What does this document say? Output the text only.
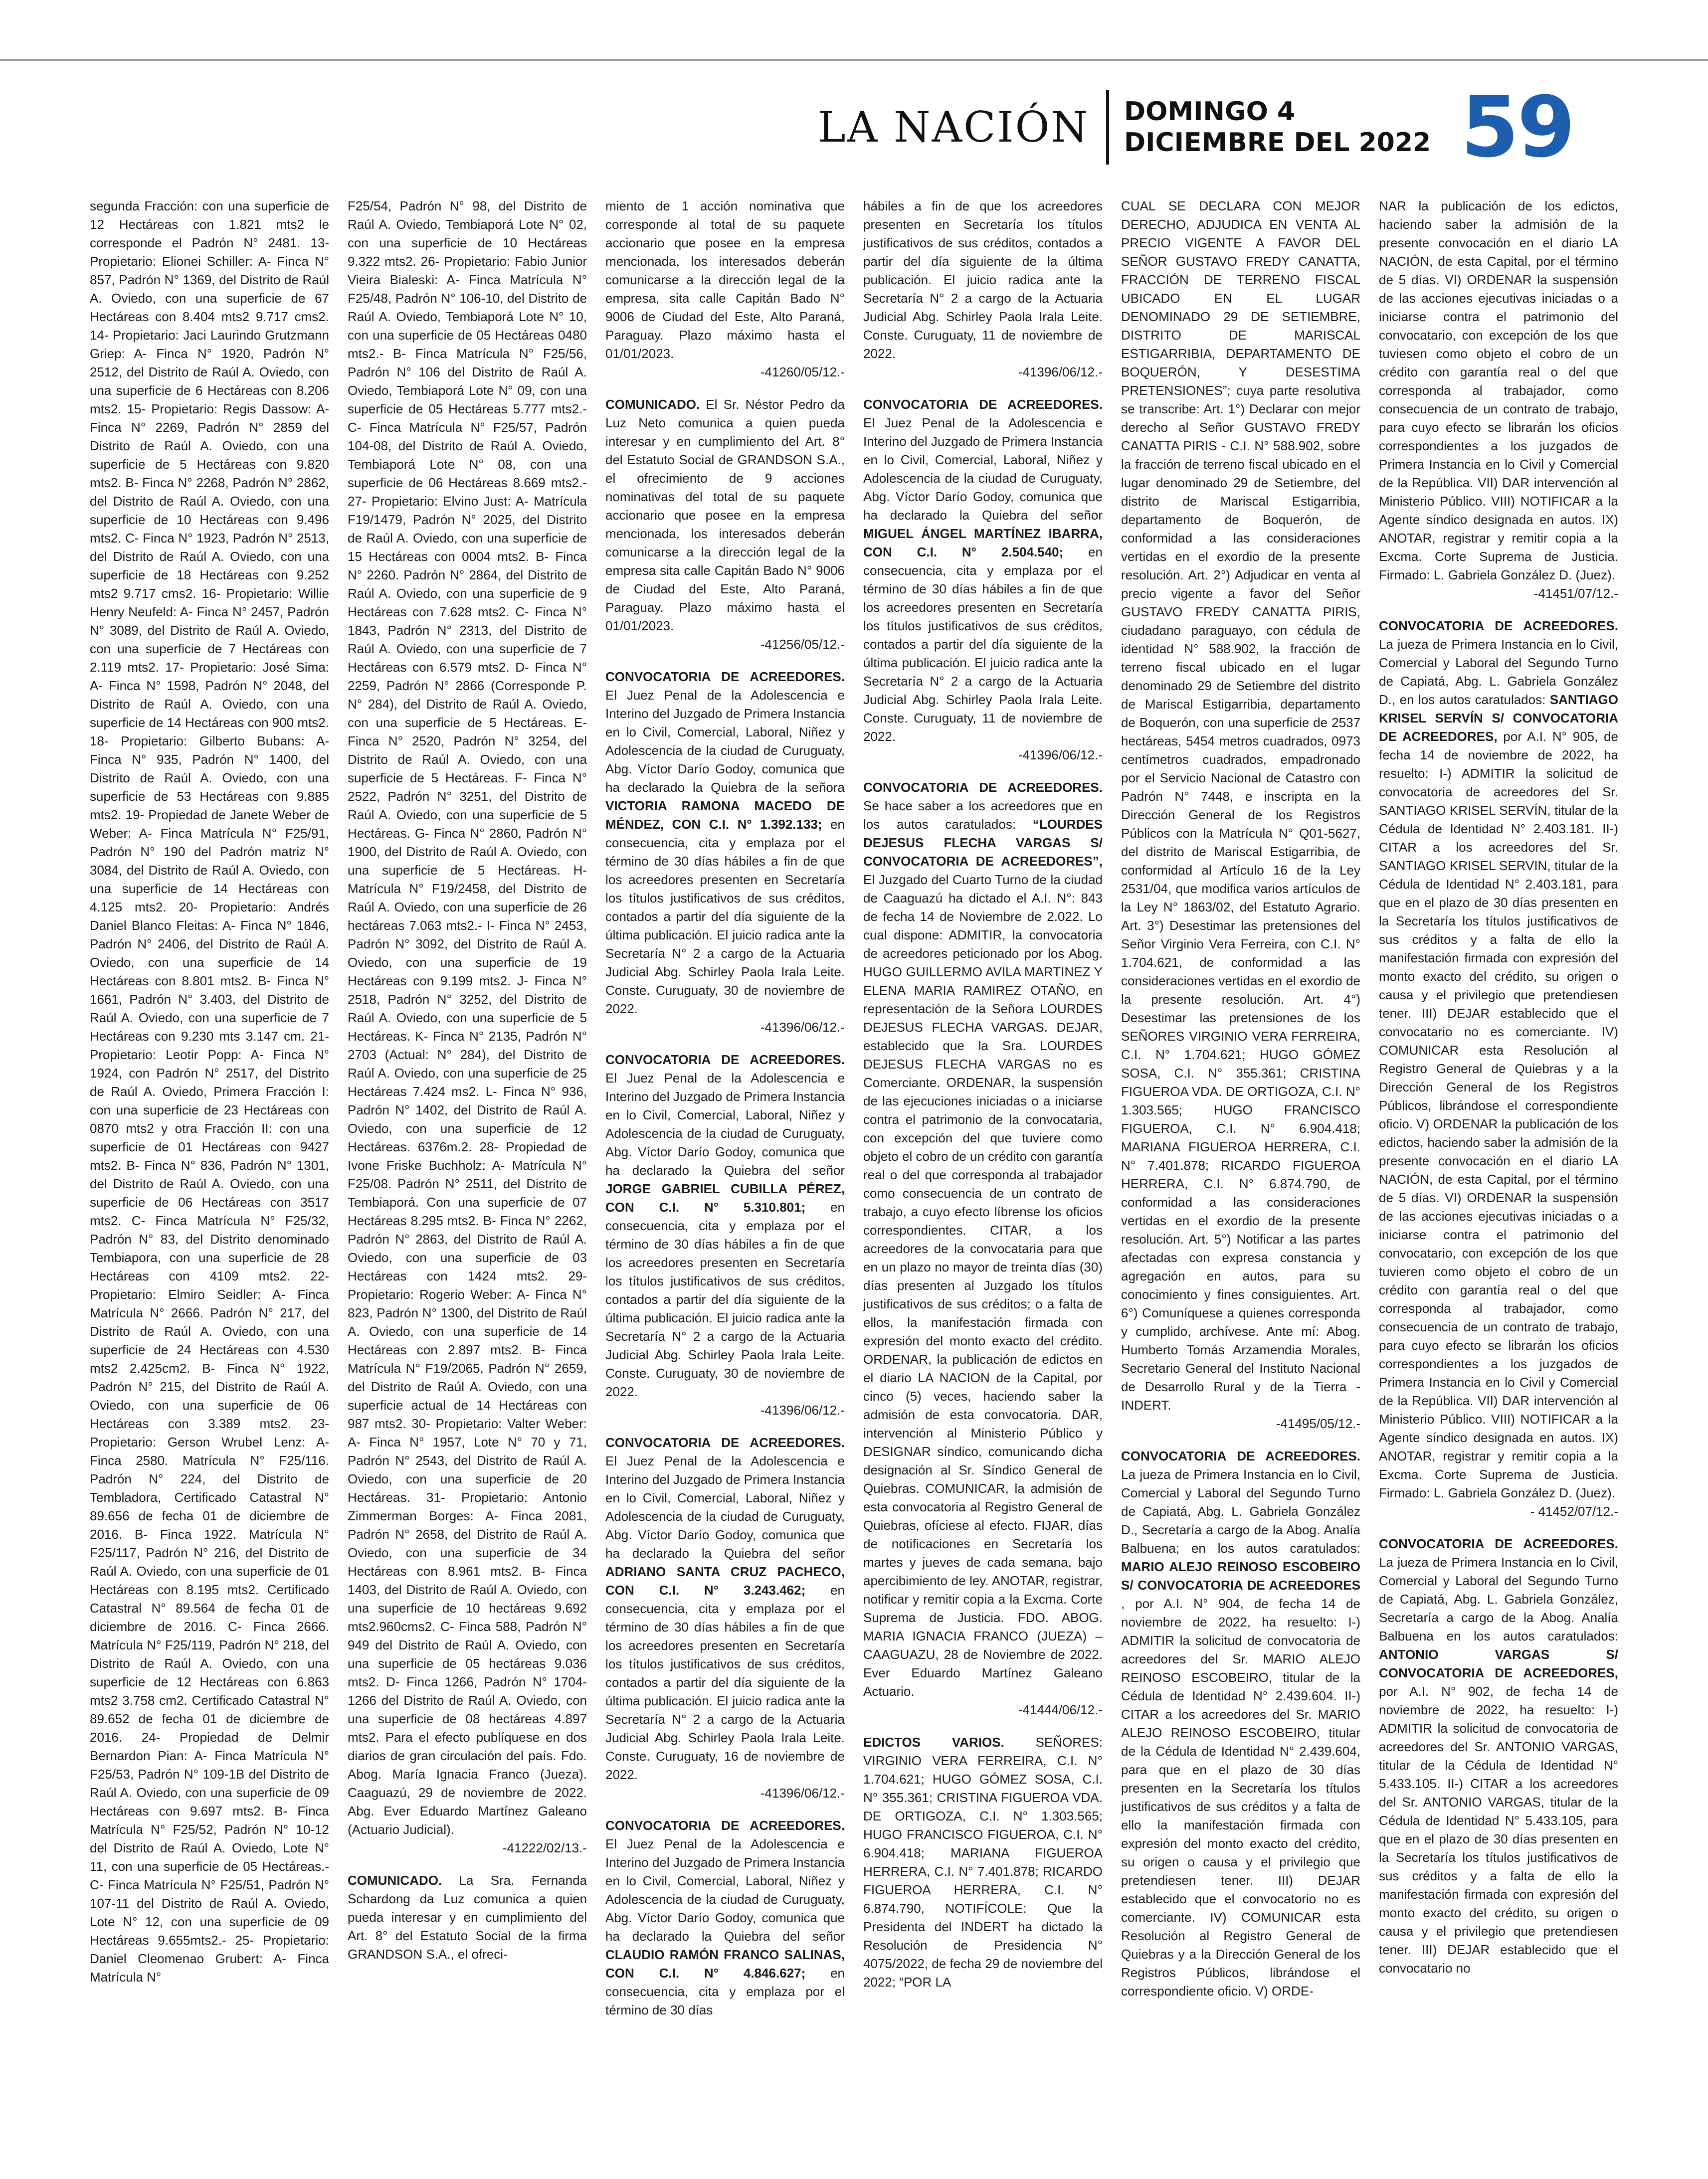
LA NACIÓN DOMINGO 4
DICIEMBRE DEL 2022 59

segunda Fracción: con una superficie de 12 Hectáreas con 1.821 mts2 le corresponde el Padrón N° 2481. 13- Propietario: Elionei Schiller: A- Finca N° 857, Padrón N° 1369, del Distrito de Raúl A. Oviedo, con una superficie de 67 Hectáreas con 8.404 mts2 9.717 cms2. 14- Propietario: Jaci Laurindo Grutzmann Griep: A- Finca N° 1920, Padrón N° 2512, del Distrito de Raúl A. Oviedo, con una superficie de 6 Hectáreas con 8.206 mts2. 15- Propietario: Regis Dassow: A- Finca N° 2269, Padrón N° 2859 del Distrito de Raúl A. Oviedo, con una superficie de 5 Hectáreas con 9.820 mts2. B- Finca N° 2268, Padrón N° 2862, del Distrito de Raúl A. Oviedo, con una superficie de 10 Hectáreas con 9.496 mts2. C- Finca N° 1923, Padrón N° 2513, del Distrito de Raúl A. Oviedo, con una superficie de 18 Hectáreas con 9.252 mts2 9.717 cms2. 16- Propietario: Willie Henry Neufeld: A- Finca N° 2457, Padrón N° 3089, del Distrito de Raúl A. Oviedo, con una superficie de 7 Hectáreas con 2.119 mts2. 17- Propietario: José Sima: A- Finca N° 1598, Padrón N° 2048, del Distrito de Raúl A. Oviedo, con una superficie de 14 Hectáreas con 900 mts2. 18- Propietario: Gilberto Bubans: A- Finca N° 935, Padrón N° 1400, del Distrito de Raúl A. Oviedo, con una superficie de 53 Hectáreas con 9.885 mts2. 19- Propiedad de Janete Weber de Weber: A- Finca Matrícula N° F25/91, Padrón N° 190 del Padrón matriz N° 3084, del Distrito de Raúl A. Oviedo, con una superficie de 14 Hectáreas con 4.125 mts2. 20- Propietario: Andrés Daniel Blanco Fleitas: A- Finca N° 1846, Padrón N° 2406, del Distrito de Raúl A. Oviedo, con una superficie de 14 Hectáreas con 8.801 mts2. B- Finca N° 1661, Padrón N° 3.403, del Distrito de Raúl A. Oviedo, con una superficie de 7 Hectáreas con 9.230 mts 3.147 cm. 21- Propietario: Leotir Popp: A- Finca N° 1924, con Padrón N° 2517, del Distrito de Raúl A. Oviedo, Primera Fracción I: con una superficie de 23 Hectáreas con 0870 mts2 y otra Fracción II: con una superficie de 01 Hectáreas con 9427 mts2. B- Finca N° 836, Padrón N° 1301, del Distrito de Raúl A. Oviedo, con una superficie de 06 Hectáreas con 3517 mts2. C- Finca Matrícula N° F25/32, Padrón N° 83, del Distrito denominado Tembiapora, con una superficie de 28 Hectáreas con 4109 mts2. 22- Propietario: Elmiro Seidler: A- Finca Matrícula N° 2666. Padrón N° 217, del Distrito de Raúl A. Oviedo, con una superficie de 24 Hectáreas con 4.530 mts2 2.425cm2. B- Finca N° 1922, Padrón N° 215, del Distrito de Raúl A. Oviedo, con una superficie de 06 Hectáreas con 3.389 mts2. 23- Propietario: Gerson Wrubel Lenz: A- Finca 2580. Matrícula N° F25/116. Padrón N° 224, del Distrito de Tembladora, Certificado Catastral N° 89.656 de fecha 01 de diciembre de 2016. B- Finca 1922. Matrícula N° F25/117, Padrón N° 216, del Distrito de Raúl A. Oviedo, con una superficie de 01 Hectáreas con 8.195 mts2. Certificado Catastral N° 89.564 de fecha 01 de diciembre de 2016. C- Finca 2666. Matrícula N° F25/119, Padrón N° 218, del Distrito de Raúl A. Oviedo, con una superficie de 12 Hectáreas con 6.863 mts2 3.758 cm2. Certificado Catastral N° 89.652 de fecha 01 de diciembre de 2016. 24- Propiedad de Delmir Bernardon Pian: A- Finca Matrícula N° F25/53, Padrón N° 109-1B del Distrito de Raúl A. Oviedo, con una superficie de 09 Hectáreas con 9.697 mts2. B- Finca Matrícula N° F25/52, Padrón N° 10-12 del Distrito de Raúl A. Oviedo, Lote N° 11, con una superficie de 05 Hectáreas.- C- Finca Matrícula N° F25/51, Padrón N° 107-11 del Distrito de Raúl A. Oviedo, Lote N° 12, con una superficie de 09 Hectáreas 9.655mts2.- 25- Propietario: Daniel Cleomenao Grubert: A- Finca Matrícula N°

F25/54, Padrón N° 98, del Distrito de Raúl A. Oviedo, Tembiaporá Lote N° 02, con una superficie de 10 Hectáreas 9.322 mts2. 26- Propietario: Fabio Junior Vieira Bialeski: A- Finca Matrícula N° F25/48, Padrón N° 106-10, del Distrito de Raúl A. Oviedo, Tembiaporá Lote N° 10, con una superficie de 05 Hectáreas 0480 mts2.- B- Finca Matrícula N° F25/56, Padrón N° 106 del Distrito de Raúl A. Oviedo, Tembiaporá Lote N° 09, con una superficie de 05 Hectáreas 5.777 mts2.- C- Finca Matrícula N° F25/57, Padrón 104-08, del Distrito de Raúl A. Oviedo, Tembiaporá Lote N° 08, con una superficie de 06 Hectáreas 8.669 mts2.- 27- Propietario: Elvino Just: A- Matrícula F19/1479, Padrón N° 2025, del Distrito de Raúl A. Oviedo, con una superficie de 15 Hectáreas con 0004 mts2. B- Finca N° 2260. Padrón N° 2864, del Distrito de Raúl A. Oviedo, con una superficie de 9 Hectáreas con 7.628 mts2. C- Finca N° 1843, Padrón N° 2313, del Distrito de Raúl A. Oviedo, con una superficie de 7 Hectáreas con 6.579 mts2. D- Finca N° 2259, Padrón N° 2866 (Corresponde P. N° 284), del Distrito de Raúl A. Oviedo, con una superficie de 5 Hectáreas. E- Finca N° 2520, Padrón N° 3254, del Distrito de Raúl A. Oviedo, con una superficie de 5 Hectáreas. F- Finca N° 2522, Padrón N° 3251, del Distrito de Raúl A. Oviedo, con una superficie de 5 Hectáreas. G- Finca N° 2860, Padrón N° 1900, del Distrito de Raúl A. Oviedo, con una superficie de 5 Hectáreas. H- Matrícula N° F19/2458, del Distrito de Raúl A. Oviedo, con una superficie de 26 hectáreas 7.063 mts2.- I- Finca N° 2453, Padrón N° 3092, del Distrito de Raúl A. Oviedo, con una superficie de 19 Hectáreas con 9.199 mts2. J- Finca N° 2518, Padrón N° 3252, del Distrito de Raúl A. Oviedo, con una superficie de 5 Hectáreas. K- Finca N° 2135, Padrón N° 2703 (Actual: N° 284), del Distrito de Raúl A. Oviedo, con una superficie de 25 Hectáreas 7.424 ms2. L- Finca N° 936, Padrón N° 1402, del Distrito de Raúl A. Oviedo, con una superficie de 12 Hectáreas. 6376m.2. 28- Propiedad de Ivone Friske Buchholz: A- Matrícula N° F25/08. Padrón N° 2511, del Distrito de Tembiaporá. Con una superficie de 07 Hectáreas 8.295 mts2. B- Finca N° 2262, Padrón N° 2863, del Distrito de Raúl A. Oviedo, con una superficie de 03 Hectáreas con 1424 mts2. 29- Propietario: Rogerio Weber: A- Finca N° 823, Padrón N° 1300, del Distrito de Raúl A. Oviedo, con una superficie de 14 Hectáreas con 2.897 mts2. B- Finca Matrícula N° F19/2065, Padrón N° 2659, del Distrito de Raúl A. Oviedo, con una superficie actual de 14 Hectáreas con 987 mts2. 30- Propietario: Valter Weber: A- Finca N° 1957, Lote N° 70 y 71, Padrón N° 2543, del Distrito de Raúl A. Oviedo, con una superficie de 20 Hectáreas. 31- Propietario: Antonio Zimmerman Borges: A- Finca 2081, Padrón N° 2658, del Distrito de Raúl A. Oviedo, con una superficie de 34 Hectáreas con 8.961 mts2. B- Finca 1403, del Distrito de Raúl A. Oviedo, con una superficie de 10 hectáreas 9.692 mts2.960cms2. C- Finca 588, Padrón N° 949 del Distrito de Raúl A. Oviedo, con una superficie de 05 hectáreas 9.036 mts2. D- Finca 1266, Padrón N° 1704-1266 del Distrito de Raúl A. Oviedo, con una superficie de 08 hectáreas 4.897 mts2. Para el efecto publíquese en dos diarios de gran circulación del país. Fdo. Abog. María Ignacia Franco (Jueza). Caaguazú, 29 de noviembre de 2022. Abg. Ever Eduardo Martínez Galeano (Actuario Judicial).
-41222/02/13.-

COMUNICADO. La Sra. Fernanda Schardong da Luz comunica a quien pueda interesar y en cumplimiento del Art. 8° del Estatuto Social de la firma GRANDSON S.A., el ofreci-

miento de 1 acción nominativa que corresponde al total de su paquete accionario que posee en la empresa mencionada, los interesados deberán comunicarse a la dirección legal de la empresa, sita calle Capitán Bado N° 9006 de Ciudad del Este, Alto Paraná, Paraguay. Plazo máximo hasta el 01/01/2023.
-41260/05/12.-

COMUNICADO. El Sr. Néstor Pedro da Luz Neto comunica a quien pueda interesar y en cumplimiento del Art. 8° del Estatuto Social de GRANDSON S.A., el ofrecimiento de 9 acciones nominativas del total de su paquete accionario que posee en la empresa mencionada, los interesados deberán comunicarse a la dirección legal de la empresa sita calle Capitán Bado N° 9006 de Ciudad del Este, Alto Paraná, Paraguay. Plazo máximo hasta el 01/01/2023.
-41256/05/12.-

CONVOCATORIA DE ACREEDORES. El Juez Penal de la Adolescencia e Interino del Juzgado de Primera Instancia en lo Civil, Comercial, Laboral, Niñez y Adolescencia de la ciudad de Curuguaty, Abg. Víctor Darío Godoy, comunica que ha declarado la Quiebra de la señora VICTORIA RAMONA MACEDO DE MÉNDEZ, CON C.I. N° 1.392.133; en consecuencia, cita y emplaza por el término de 30 días hábiles a fin de que los acreedores presenten en Secretaría los títulos justificativos de sus créditos, contados a partir del día siguiente de la última publicación. El juicio radica ante la Secretaría N° 2 a cargo de la Actuaria Judicial Abg. Schirley Paola Irala Leite. Conste. Curuguaty, 30 de noviembre de 2022.
-41396/06/12.-

CONVOCATORIA DE ACREEDORES. El Juez Penal de la Adolescencia e Interino del Juzgado de Primera Instancia en lo Civil, Comercial, Laboral, Niñez y Adolescencia de la ciudad de Curuguaty, Abg. Víctor Darío Godoy, comunica que ha declarado la Quiebra del señor JORGE GABRIEL CUBILLA PÉREZ, CON C.I. N° 5.310.801; en consecuencia, cita y emplaza por el término de 30 días hábiles a fin de que los acreedores presenten en Secretaría los títulos justificativos de sus créditos, contados a partir del día siguiente de la última publicación. El juicio radica ante la Secretaría N° 2 a cargo de la Actuaria Judicial Abg. Schirley Paola Irala Leite. Conste. Curuguaty, 30 de noviembre de 2022.
-41396/06/12.-

CONVOCATORIA DE ACREEDORES. El Juez Penal de la Adolescencia e Interino del Juzgado de Primera Instancia en lo Civil, Comercial, Laboral, Niñez y Adolescencia de la ciudad de Curuguaty, Abg. Víctor Darío Godoy, comunica que ha declarado la Quiebra del señor ADRIANO SANTA CRUZ PACHECO, CON C.I. N° 3.243.462; en consecuencia, cita y emplaza por el término de 30 días hábiles a fin de que los acreedores presenten en Secretaría los títulos justificativos de sus créditos, contados a partir del día siguiente de la última publicación. El juicio radica ante la Secretaría N° 2 a cargo de la Actuaria Judicial Abg. Schirley Paola Irala Leite. Conste. Curuguaty, 16 de noviembre de 2022.
-41396/06/12.-

CONVOCATORIA DE ACREEDORES. El Juez Penal de la Adolescencia e Interino del Juzgado de Primera Instancia en lo Civil, Comercial, Laboral, Niñez y Adolescencia de la ciudad de Curuguaty, Abg. Víctor Darío Godoy, comunica que ha declarado la Quiebra del señor CLAUDIO RAMÓN FRANCO SALINAS, CON C.I. N° 4.846.627; en consecuencia, cita y emplaza por el término de 30 días

hábiles a fin de que los acreedores presenten en Secretaría los títulos justificativos de sus créditos, contados a partir del día siguiente de la última publicación. El juicio radica ante la Secretaría N° 2 a cargo de la Actuaria Judicial Abg. Schirley Paola Irala Leite. Conste. Curuguaty, 11 de noviembre de 2022.
-41396/06/12.-

CONVOCATORIA DE ACREEDORES. El Juez Penal de la Adolescencia e Interino del Juzgado de Primera Instancia en lo Civil, Comercial, Laboral, Niñez y Adolescencia de la ciudad de Curuguaty, Abg. Víctor Darío Godoy, comunica que ha declarado la Quiebra del señor MIGUEL ÁNGEL MARTÍNEZ IBARRA, CON C.I. N° 2.504.540; en consecuencia, cita y emplaza por el término de 30 días hábiles a fin de que los acreedores presenten en Secretaría los títulos justificativos de sus créditos, contados a partir del día siguiente de la última publicación. El juicio radica ante la Secretaría N° 2 a cargo de la Actuaria Judicial Abg. Schirley Paola Irala Leite. Conste. Curuguaty, 11 de noviembre de 2022.
-41396/06/12.-

CONVOCATORIA DE ACREEDORES. Se hace saber a los acreedores que en los autos caratulados: “LOURDES DEJESUS FLECHA VARGAS S/ CONVOCATORIA DE ACREEDORES”, El Juzgado del Cuarto Turno de la ciudad de Caaguazú ha dictado el A.I. N°: 843 de fecha 14 de Noviembre de 2.022. Lo cual dispone: ADMITIR, la convocatoria de acreedores peticionado por los Abog. HUGO GUILLERMO AVILA MARTINEZ Y ELENA MARIA RAMIREZ OTAÑO, en representación de la Señora LOURDES DEJESUS FLECHA VARGAS. DEJAR, establecido que la Sra. LOURDES DEJESUS FLECHA VARGAS no es Comerciante. ORDENAR, la suspensión de las ejecuciones iniciadas o a iniciarse contra el patrimonio de la convocataria, con excepción del que tuviere como objeto el cobro de un crédito con garantía real o del que corresponda al trabajador como consecuencia de un contrato de trabajo, a cuyo efecto líbrense los oficios correspondientes. CITAR, a los acreedores de la convocataria para que en un plazo no mayor de treinta días (30) días presenten al Juzgado los títulos justificativos de sus créditos; o a falta de ellos, la manifestación firmada con expresión del monto exacto del crédito. ORDENAR, la publicación de edictos en el diario LA NACION de la Capital, por cinco (5) veces, haciendo saber la admisión de esta convocatoria. DAR, intervención al Ministerio Público y DESIGNAR síndico, comunicando dicha designación al Sr. Síndico General de Quiebras. COMUNICAR, la admisión de esta convocatoria al Registro General de Quiebras, ofíciese al efecto. FIJAR, días de notificaciones en Secretaría los martes y jueves de cada semana, bajo apercibimiento de ley. ANOTAR, registrar, notificar y remitir copia a la Excma. Corte Suprema de Justicia. FDO. ABOG. MARIA IGNACIA FRANCO (JUEZA) – CAAGUAZU, 28 de Noviembre de 2022. Ever Eduardo Martínez Galeano Actuario.
-41444/06/12.-

EDICTOS VARIOS. SEÑORES: VIRGINIO VERA FERREIRA, C.I. N° 1.704.621; HUGO GÓMEZ SOSA, C.I. N° 355.361; CRISTINA FIGUEROA VDA. DE ORTIGOZA, C.I. N° 1.303.565; HUGO FRANCISCO FIGUEROA, C.I. N° 6.904.418; MARIANA FIGUEROA HERRERA, C.I. N° 7.401.878; RICARDO FIGUEROA HERRERA, C.I. N° 6.874.790, NOTIFÍCOLE: Que la Presidenta del INDERT ha dictado la Resolución de Presidencia N° 4075/2022, de fecha 29 de noviembre del 2022; “POR LA

CUAL SE DECLARA CON MEJOR DERECHO, ADJUDICA EN VENTA AL PRECIO VIGENTE A FAVOR DEL SEÑOR GUSTAVO FREDY CANATTA, FRACCIÓN DE TERRENO FISCAL UBICADO EN EL LUGAR DENOMINADO 29 DE SETIEMBRE, DISTRITO DE MARISCAL ESTIGARRIBIA, DEPARTAMENTO DE BOQUERÓN, Y DESESTIMA PRETENSIONES”; cuya parte resolutiva se transcribe: Art. 1°) Declarar con mejor derecho al Señor GUSTAVO FREDY CANATTA PIRIS - C.I. N° 588.902, sobre la fracción de terreno fiscal ubicado en el lugar denominado 29 de Setiembre, del distrito de Mariscal Estigarribia, departamento de Boquerón, de conformidad a las consideraciones vertidas en el exordio de la presente resolución. Art. 2°) Adjudicar en venta al precio vigente a favor del Señor GUSTAVO FREDY CANATTA PIRIS, ciudadano paraguayo, con cédula de identidad N° 588.902, la fracción de terreno fiscal ubicado en el lugar denominado 29 de Setiembre del distrito de Mariscal Estigarribia, departamento de Boquerón, con una superficie de 2537 hectáreas, 5454 metros cuadrados, 0973 centímetros cuadrados, empadronado por el Servicio Nacional de Catastro con Padrón N° 7448, e inscripta en la Dirección General de los Registros Públicos con la Matrícula N° Q01-5627, del distrito de Mariscal Estigarribia, de conformidad al Artículo 16 de la Ley 2531/04, que modifica varios artículos de la Ley N° 1863/02, del Estatuto Agrario. Art. 3°) Desestimar las pretensiones del Señor Virginio Vera Ferreira, con C.I. N° 1.704.621, de conformidad a las consideraciones vertidas en el exordio de la presente resolución. Art. 4°) Desestimar las pretensiones de los SEÑORES VIRGINIO VERA FERREIRA, C.I. N° 1.704.621; HUGO GÓMEZ SOSA, C.I. N° 355.361; CRISTINA FIGUEROA VDA. DE ORTIGOZA, C.I. N° 1.303.565; HUGO FRANCISCO FIGUEROA, C.I. N° 6.904.418; MARIANA FIGUEROA HERRERA, C.I. N° 7.401.878; RICARDO FIGUEROA HERRERA, C.I. N° 6.874.790, de conformidad a las consideraciones vertidas en el exordio de la presente resolución. Art. 5°) Notificar a las partes afectadas con expresa constancia y agregación en autos, para su conocimiento y fines consiguientes. Art. 6°) Comuníquese a quienes corresponda y cumplido, archívese. Ante mí: Abog. Humberto Tomás Arzamendia Morales, Secretario General del Instituto Nacional de Desarrollo Rural y de la Tierra - INDERT.
-41495/05/12.-

CONVOCATORIA DE ACREEDORES. La jueza de Primera Instancia en lo Civil, Comercial y Laboral del Segundo Turno de Capiatá, Abg. L. Gabriela González D., Secretaría a cargo de la Abog. Analía Balbuena; en los autos caratulados: MARIO ALEJO REINOSO ESCOBEIRO S/ CONVOCATORIA DE ACREEDORES , por A.I. N° 904, de fecha 14 de noviembre de 2022, ha resuelto: I-) ADMITIR la solicitud de convocatoria de acreedores del Sr. MARIO ALEJO REINOSO ESCOBEIRO, titular de la Cédula de Identidad N° 2.439.604. II-) CITAR a los acreedores del Sr. MARIO ALEJO REINOSO ESCOBEIRO, titular de la Cédula de Identidad N° 2.439.604, para que en el plazo de 30 días presenten en la Secretaría los títulos justificativos de sus créditos y a falta de ello la manifestación firmada con expresión del monto exacto del crédito, su origen o causa y el privilegio que pretendiesen tener. III) DEJAR establecido que el convocatorio no es comerciante. IV) COMUNICAR esta Resolución al Registro General de Quiebras y a la Dirección General de los Registros Públicos, librándose el correspondiente oficio. V) ORDE-

NAR la publicación de los edictos, haciendo saber la admisión de la presente convocación en el diario LA NACIÓN, de esta Capital, por el término de 5 días. VI) ORDENAR la suspensión de las acciones ejecutivas iniciadas o a iniciarse contra el patrimonio del convocatario, con excepción de los que tuviesen como objeto el cobro de un crédito con garantía real o del que corresponda al trabajador, como consecuencia de un contrato de trabajo, para cuyo efecto se librarán los oficios correspondientes a los juzgados de Primera Instancia en lo Civil y Comercial de la República. VII) DAR intervención al Ministerio Público. VIII) NOTIFICAR a la Agente síndico designada en autos. IX) ANOTAR, registrar y remitir copia a la Excma. Corte Suprema de Justicia. Firmado: L. Gabriela González D. (Juez).
-41451/07/12.-

CONVOCATORIA DE ACREEDORES. La jueza de Primera Instancia en lo Civil, Comercial y Laboral del Segundo Turno de Capiatá, Abg. L. Gabriela González D., en los autos caratulados: SANTIAGO KRISEL SERVÍN S/ CONVOCATORIA DE ACREEDORES, por A.I. N° 905, de fecha 14 de noviembre de 2022, ha resuelto: I-) ADMITIR la solicitud de convocatoria de acreedores del Sr. SANTIAGO KRISEL SERVÍN, titular de la Cédula de Identidad N° 2.403.181. II-) CITAR a los acreedores del Sr. SANTIAGO KRISEL SERVIN, titular de la Cédula de Identidad N° 2.403.181, para que en el plazo de 30 días presenten en la Secretaría los títulos justificativos de sus créditos y a falta de ello la manifestación firmada con expresión del monto exacto del crédito, su origen o causa y el privilegio que pretendiesen tener. III) DEJAR establecido que el convocatario no es comerciante. IV) COMUNICAR esta Resolución al Registro General de Quiebras y a la Dirección General de los Registros Públicos, librándose el correspondiente oficio. V) ORDENAR la publicación de los edictos, haciendo saber la admisión de la presente convocación en el diario LA NACIÓN, de esta Capital, por el término de 5 días. VI) ORDENAR la suspensión de las acciones ejecutivas iniciadas o a iniciarse contra el patrimonio del convocatario, con excepción de los que tuvieren como objeto el cobro de un crédito con garantía real o del que corresponda al trabajador, como consecuencia de un contrato de trabajo, para cuyo efecto se librarán los oficios correspondientes a los juzgados de Primera Instancia en lo Civil y Comercial de la República. VII) DAR intervención al Ministerio Público. VIII) NOTIFICAR a la Agente síndico designada en autos. IX) ANOTAR, registrar y remitir copia a la Excma. Corte Suprema de Justicia. Firmado: L. Gabriela González D. (Juez).
- 41452/07/12.-

CONVOCATORIA DE ACREEDORES. La jueza de Primera Instancia en lo Civil, Comercial y Laboral del Segundo Turno de Capiatá, Abg. L. Gabriela González, Secretaría a cargo de la Abog. Analía Balbuena en los autos caratulados: ANTONIO VARGAS S/ CONVOCATORIA DE ACREEDORES, por A.I. N° 902, de fecha 14 de noviembre de 2022, ha resuelto: I-) ADMITIR la solicitud de convocatoria de acreedores del Sr. ANTONIO VARGAS, titular de la Cédula de Identidad N° 5.433.105. II-) CITAR a los acreedores del Sr. ANTONIO VARGAS, titular de la Cédula de Identidad N° 5.433.105, para que en el plazo de 30 días presenten en la Secretaría los títulos justificativos de sus créditos y a falta de ello la manifestación firmada con expresión del monto exacto del crédito, su origen o causa y el privilegio que pretendiesen tener. III) DEJAR establecido que el convocatario no
